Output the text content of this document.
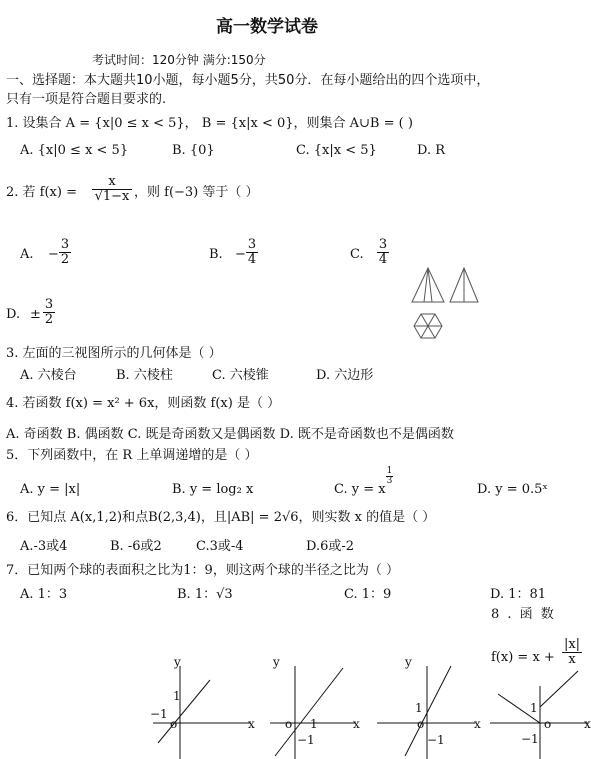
高一数学试卷
考试时间：120分钟 满分:150分
一、选择题：本大题共10小题，每小题5分，共50分．在每小题给出的四个选项中，
只有一项是符合题目要求的.
1. 设集合 A = {x|0 ≤ x < 5}， B = {x|x < 0}，则集合 A∪B = ( )
A. {x|0 ≤ x < 5}	B. {0}	C. {x|x < 5}	D. R
2. 若 $f(x) = \frac{x}{√1-x}$ ，则 f(−3) 等于（ ）
A. − $\frac{3}{2}$	B. − $\frac{3}{4}$	C. $\frac{3}{4}$
D. ± $\frac{3}{2}$
3. 左面的三视图所示的几何体是（ ）
A. 六棱台	B. 六棱柱	C. 六棱锥	D. 六边形
4. 若函数 f(x) = x² + 6x，则函数 f(x) 是（ ）
A. 奇函数 B. 偶函数 C. 既是奇函数又是偶函数 D. 既不是奇函数也不是偶函数
5．下列函数中，在 R 上单调递增的是（ ）
A. y = |x|	B. y = log₂ x	C. y = x
$\frac{1}{3}$
D. y = 0.5ˣ
6．已知点 A(x,1,2)和点B(2,3,4)，且|AB| = 2√6，则实数 x 的值是（ ）
A.-3或4	B. -6或2	C.3或-4	D.6或-2
7．已知两个球的表面积之比为1：9，则这两个球的半径之比为（ ）
A. 1：3	B. 1：√3	C. 1：9	D. 1：81
8 . 函 数
$f(x) = x + \frac{|x|}{x}$
y
x
o
1
−1
y
x
o 1
−1
y
x
o
1
−1
x
o
1
−1
